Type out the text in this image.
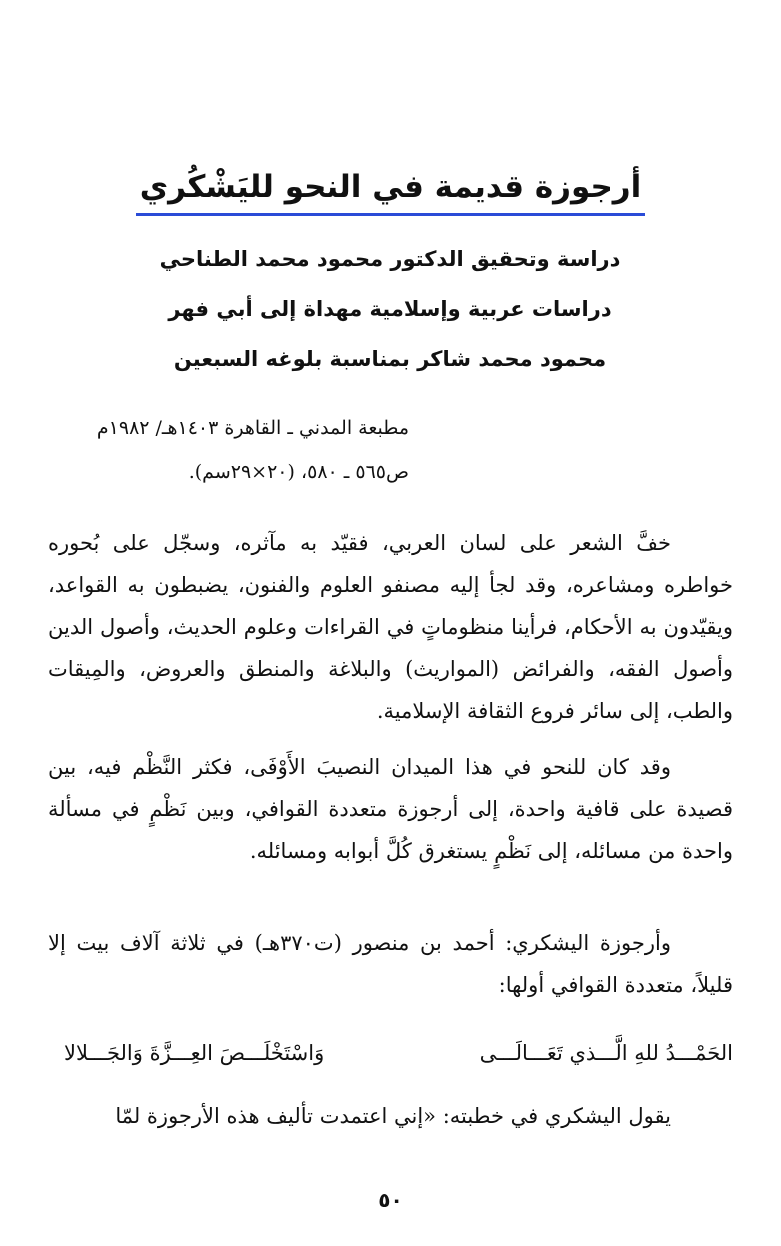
أرجوزة قديمة في النحو لليَشْكُري
دراسة وتحقيق الدكتور محمود محمد الطناحي
دراسات عربية وإسلامية مهداة إلى أبي فهر
محمود محمد شاكر بمناسبة بلوغه السبعين
مطبعة المدني ـ القاهرة ١٤٠٣هـ/ ١٩٨٢م
ص٥٦٥ ـ ٥٨٠، (٢٠×٢٩سم).

خفَّ الشعر على لسان العربي، فقيّد به مآثره، وسجّل على بُحوره خواطره ومشاعره، وقد لجأ إليه مصنفو العلوم والفنون، يضبطون به القواعد، ويقيّدون به الأحكام، فرأينا منظوماتٍ في القراءات وعلوم الحديث، وأصول الدين وأصول الفقه، والفرائض (المواريث) والبلاغة والمنطق والعروض، والمِيقات والطب، إلى سائر فروع الثقافة الإسلامية.

وقد كان للنحو في هذا الميدان النصيبَ الأَوْفَى، فكثر النَّظْم فيه، بين قصيدة على قافية واحدة، إلى أرجوزة متعددة القوافي، وبين نَظْمٍ في مسألة واحدة من مسائله، إلى نَظْمٍ يستغرق كُلَّ أبوابه ومسائله.

وأرجوزة اليشكري: أحمد بن منصور (ت٣٧٠هـ) في ثلاثة آلاف بيت إلا قليلاً، متعددة القوافي أولها:

الحَمْـــدُ للهِ الَّـــذي تَعَـــالَـــى
وَاسْتَخْلَـــصَ العِـــزَّةَ وَالجَـــلالا
يقول اليشكري في خطبته: «إني اعتمدت تأليف هذه الأرجوزة لمّا
٥٠
